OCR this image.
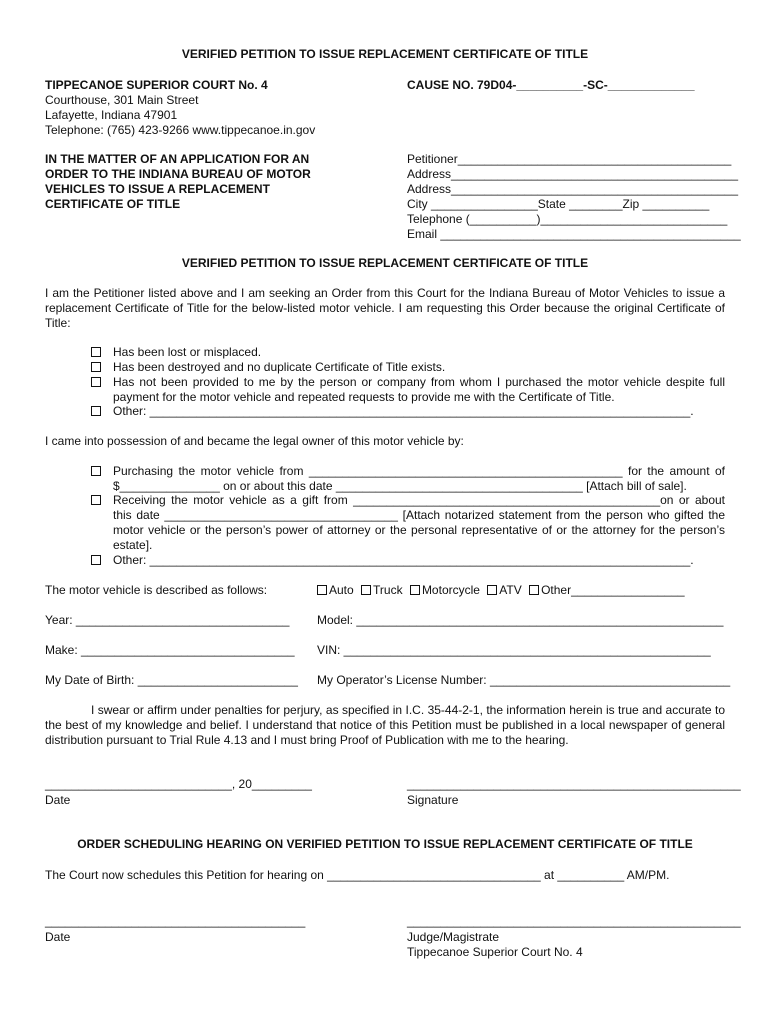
VERIFIED PETITION TO ISSUE REPLACEMENT CERTIFICATE OF TITLE
TIPPECANOE SUPERIOR COURT No. 4
Courthouse, 301 Main Street
Lafayette, Indiana 47901
Telephone: (765) 423-9266 www.tippecanoe.in.gov
CAUSE NO. 79D04-__________-SC-_____________
IN THE MATTER OF AN APPLICATION FOR AN
ORDER TO THE INDIANA BUREAU OF MOTOR
VEHICLES TO ISSUE A REPLACEMENT
CERTIFICATE OF TITLE
Petitioner_________________________________________
Address___________________________________________
Address___________________________________________
City ________________State ________Zip __________
Telephone (__________)____________________________
Email _____________________________________________
VERIFIED PETITION TO ISSUE REPLACEMENT CERTIFICATE OF TITLE
I am the Petitioner listed above and I am seeking an Order from this Court for the Indiana Bureau of Motor Vehicles to issue a replacement Certificate of Title for the below-listed motor vehicle. I am requesting this Order because the original Certificate of Title:
Has been lost or misplaced.
Has been destroyed and no duplicate Certificate of Title exists.
Has not been provided to me by the person or company from whom I purchased the motor vehicle despite full payment for the motor vehicle and repeated requests to provide me with the Certificate of Title.
Other: _________________________________________________________________________________.
I came into possession of and became the legal owner of this motor vehicle by:
Purchasing the motor vehicle from _______________________________________________ for the amount of $_______________ on or about this date _____________________________________ [Attach bill of sale].
Receiving the motor vehicle as a gift from ______________________________________________on or about this date ___________________________________ [Attach notarized statement from the person who gifted the motor vehicle or the person’s power of attorney or the personal representative of or the attorney for the person’s estate].
Other: _________________________________________________________________________________.
The motor vehicle is described as follows:	Auto Truck Motorcycle ATV Other_________________
Year: ________________________________ Model: _______________________________________________________
Make: ________________________________ VIN: _______________________________________________________
My Date of Birth: ________________________ My Operator’s License Number: ____________________________________
I swear or affirm under penalties for perjury, as specified in I.C. 35-44-2-1, the information herein is true and accurate to the best of my knowledge and belief. I understand that notice of this Petition must be published in a local newspaper of general distribution pursuant to Trial Rule 4.13 and I must bring Proof of Publication with me to the hearing.
____________________________, 20_________
Date
__________________________________________________
Signature
ORDER SCHEDULING HEARING ON VERIFIED PETITION TO ISSUE REPLACEMENT CERTIFICATE OF TITLE
The Court now schedules this Petition for hearing on ________________________________ at __________ AM/PM.
_______________________________________
Date
__________________________________________________
Judge/Magistrate
Tippecanoe Superior Court No. 4
